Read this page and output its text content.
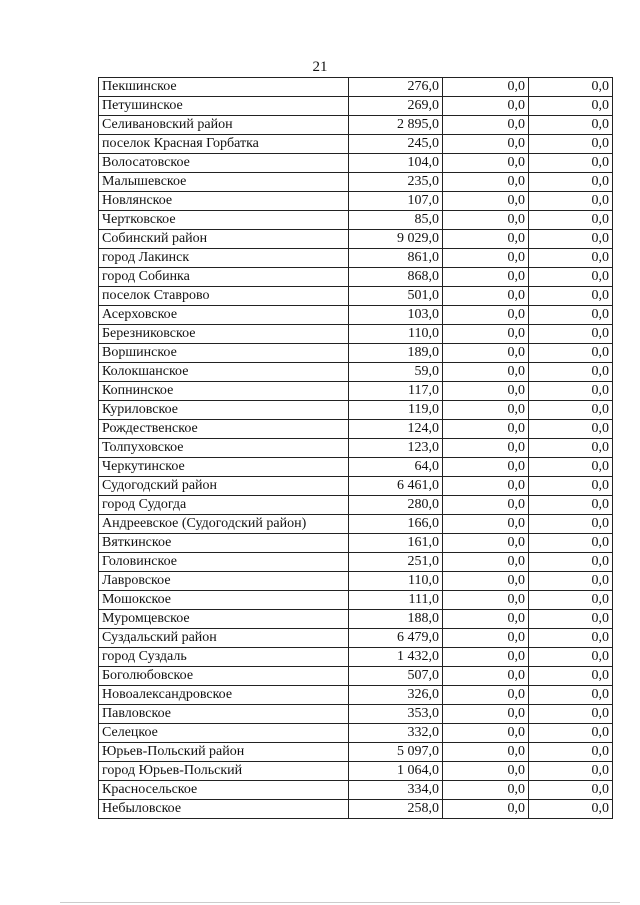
21
Пекшинское	276,0	0,0	0,0
Петушинское	269,0	0,0	0,0
Селивановский район	2 895,0	0,0	0,0
поселок Красная Горбатка	245,0	0,0	0,0
Волосатовское	104,0	0,0	0,0
Малышевское	235,0	0,0	0,0
Новлянское	107,0	0,0	0,0
Чертковское	85,0	0,0	0,0
Собинский район	9 029,0	0,0	0,0
город Лакинск	861,0	0,0	0,0
город Собинка	868,0	0,0	0,0
поселок Ставрово	501,0	0,0	0,0
Асерховское	103,0	0,0	0,0
Березниковское	110,0	0,0	0,0
Воршинское	189,0	0,0	0,0
Колокшанское	59,0	0,0	0,0
Копнинское	117,0	0,0	0,0
Куриловское	119,0	0,0	0,0
Рождественское	124,0	0,0	0,0
Толпуховское	123,0	0,0	0,0
Черкутинское	64,0	0,0	0,0
Судогодский район	6 461,0	0,0	0,0
город Судогда	280,0	0,0	0,0
Андреевское (Судогодский район)	166,0	0,0	0,0
Вяткинское	161,0	0,0	0,0
Головинское	251,0	0,0	0,0
Лавровское	110,0	0,0	0,0
Мошокское	111,0	0,0	0,0
Муромцевское	188,0	0,0	0,0
Суздальский район	6 479,0	0,0	0,0
город Суздаль	1 432,0	0,0	0,0
Боголюбовское	507,0	0,0	0,0
Новоалександровское	326,0	0,0	0,0
Павловское	353,0	0,0	0,0
Селецкое	332,0	0,0	0,0
Юрьев-Польский район	5 097,0	0,0	0,0
город Юрьев-Польский	1 064,0	0,0	0,0
Красносельское	334,0	0,0	0,0
Небыловское	258,0	0,0	0,0
